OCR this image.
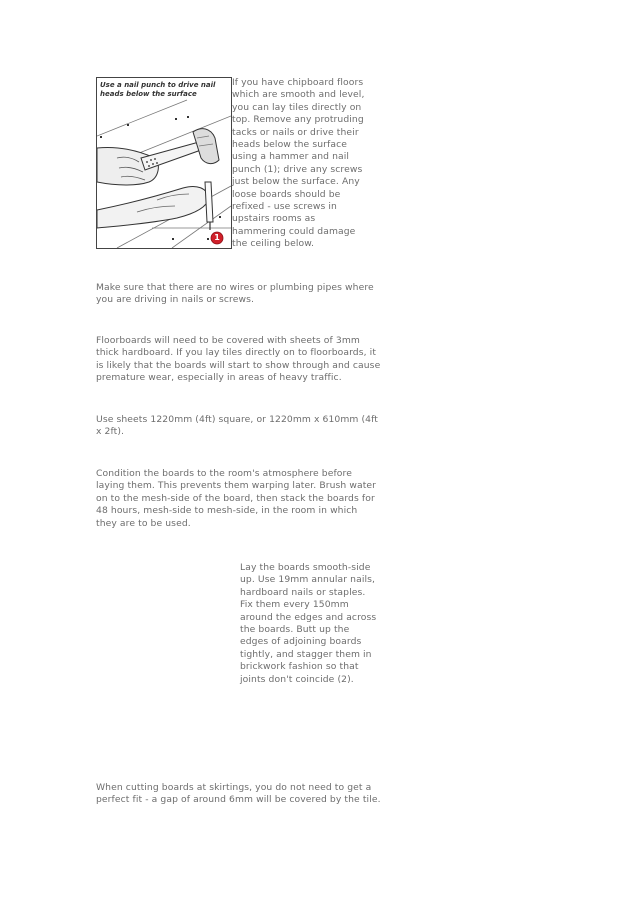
Use a nail punch to drive nail heads below the surface
1

If you have chipboard floors which are smooth and level, you can lay tiles directly on top. Remove any protruding tacks or nails or drive their heads below the surface using a hammer and nail punch (1); drive any screws just below the surface. Any loose boards should be refixed - use screws in upstairs rooms as hammering could damage the ceiling below.

Make sure that there are no wires or plumbing pipes where you are driving in nails or screws.

Floorboards will need to be covered with sheets of 3mm thick hardboard. If you lay tiles directly on to floorboards, it is likely that the boards will start to show through and cause premature wear, especially in areas of heavy traffic.

Use sheets 1220mm (4ft) square, or 1220mm x 610mm (4ft x 2ft).

Condition the boards to the room's atmosphere before laying them. This prevents them warping later. Brush water on to the mesh-side of the board, then stack the boards for 48 hours, mesh-side to mesh-side, in the room in which they are to be used.

Lay the boards smooth-side up. Use 19mm annular nails, hardboard nails or staples. Fix them every 150mm around the edges and across the boards. Butt up the edges of adjoining boards tightly, and stagger them in brickwork fashion so that joints don't coincide (2).

When cutting boards at skirtings, you do not need to get a perfect fit - a gap of around 6mm will be covered by the tile.
